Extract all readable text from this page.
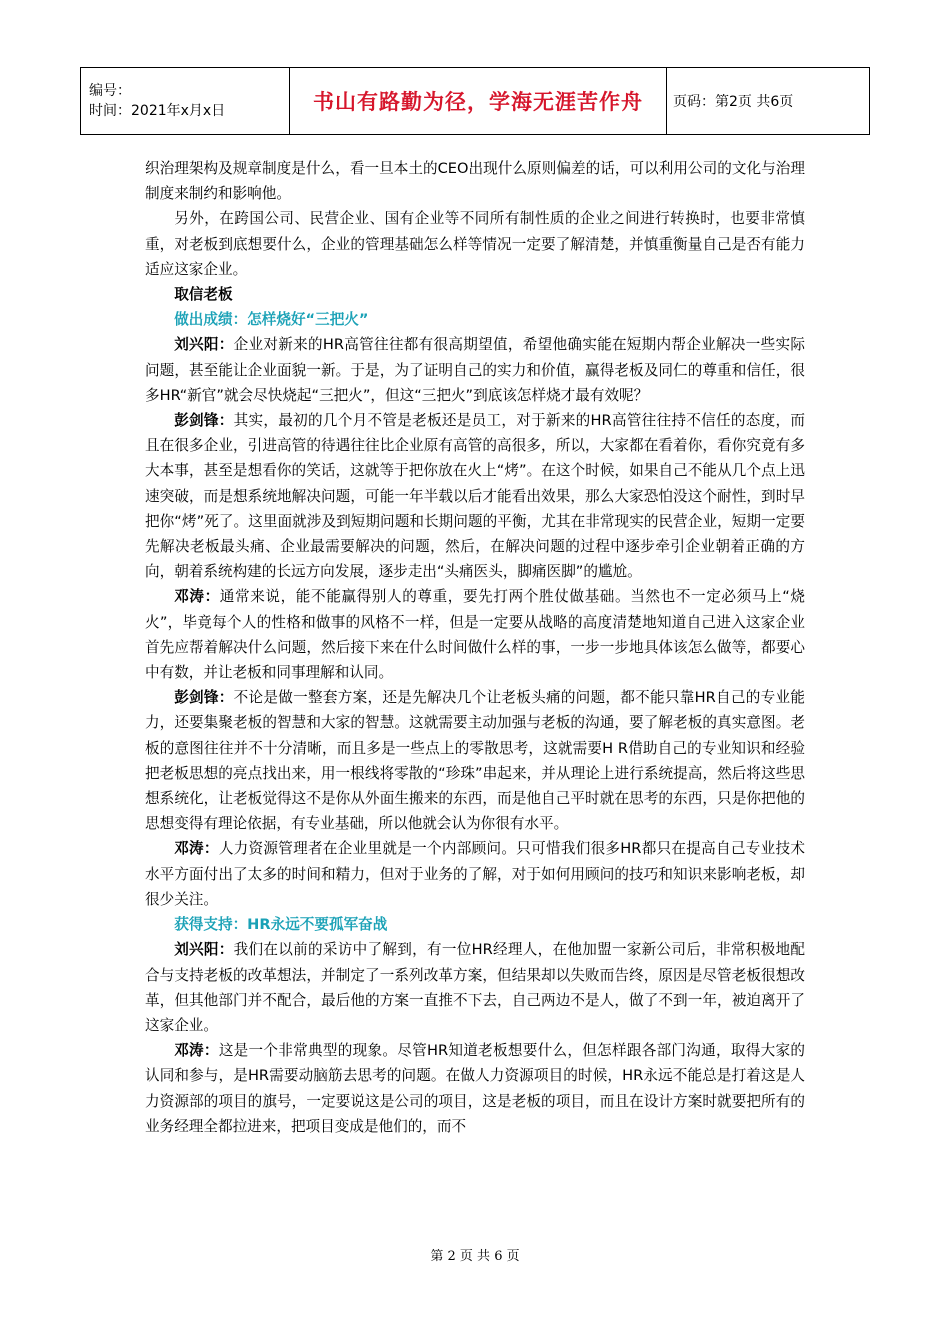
编号：
时间：2021年x月x日	书山有路勤为径，学海无涯苦作舟	页码：第2页 共6页

织治理架构及规章制度是什么，看一旦本土的CEO出现什么原则偏差的话，可以利用公司的文化与治理制度来制约和影响他。

另外，在跨国公司、民营企业、国有企业等不同所有制性质的企业之间进行转换时，也要非常慎重，对老板到底想要什么，企业的管理基础怎么样等情况一定要了解清楚，并慎重衡量自己是否有能力适应这家企业。

取信老板

做出成绩：怎样烧好“三把火”

刘兴阳：企业对新来的HR高管往往都有很高期望值，希望他确实能在短期内帮企业解决一些实际问题，甚至能让企业面貌一新。于是，为了证明自己的实力和价值，赢得老板及同仁的尊重和信任，很多HR“新官”就会尽快烧起“三把火”，但这“三把火”到底该怎样烧才最有效呢？

彭剑锋：其实，最初的几个月不管是老板还是员工，对于新来的HR高管往往持不信任的态度，而且在很多企业，引进高管的待遇往往比企业原有高管的高很多，所以，大家都在看着你，看你究竟有多大本事，甚至是想看你的笑话，这就等于把你放在火上“烤”。在这个时候，如果自己不能从几个点上迅速突破，而是想系统地解决问题，可能一年半载以后才能看出效果，那么大家恐怕没这个耐性，到时早把你“烤”死了。这里面就涉及到短期问题和长期问题的平衡，尤其在非常现实的民营企业，短期一定要先解决老板最头痛、企业最需要解决的问题，然后，在解决问题的过程中逐步牵引企业朝着正确的方向，朝着系统构建的长远方向发展，逐步走出“头痛医头，脚痛医脚”的尴尬。

邓涛：通常来说，能不能赢得别人的尊重，要先打两个胜仗做基础。当然也不一定必须马上“烧火”，毕竟每个人的性格和做事的风格不一样，但是一定要从战略的高度清楚地知道自己进入这家企业首先应帮着解决什么问题，然后接下来在什么时间做什么样的事，一步一步地具体该怎么做等，都要心中有数，并让老板和同事理解和认同。

彭剑锋：不论是做一整套方案，还是先解决几个让老板头痛的问题，都不能只靠HR自己的专业能力，还要集聚老板的智慧和大家的智慧。这就需要主动加强与老板的沟通，要了解老板的真实意图。老板的意图往往并不十分清晰，而且多是一些点上的零散思考，这就需要H R借助自己的专业知识和经验把老板思想的亮点找出来，用一根线将零散的“珍珠”串起来，并从理论上进行系统提高，然后将这些思想系统化，让老板觉得这不是你从外面生搬来的东西，而是他自己平时就在思考的东西，只是你把他的思想变得有理论依据，有专业基础，所以他就会认为你很有水平。

邓涛：人力资源管理者在企业里就是一个内部顾问。只可惜我们很多HR都只在提高自己专业技术水平方面付出了太多的时间和精力，但对于业务的了解，对于如何用顾问的技巧和知识来影响老板，却很少关注。

获得支持：HR永远不要孤军奋战

刘兴阳：我们在以前的采访中了解到，有一位HR经理人，在他加盟一家新公司后，非常积极地配合与支持老板的改革想法，并制定了一系列改革方案，但结果却以失败而告终，原因是尽管老板很想改革，但其他部门并不配合，最后他的方案一直推不下去，自己两边不是人，做了不到一年，被迫离开了这家企业。

邓涛：这是一个非常典型的现象。尽管HR知道老板想要什么，但怎样跟各部门沟通，取得大家的认同和参与，是HR需要动脑筋去思考的问题。在做人力资源项目的时候，HR永远不能总是打着这是人力资源部的项目的旗号，一定要说这是公司的项目，这是老板的项目，而且在设计方案时就要把所有的业务经理全都拉进来，把项目变成是他们的，而不

第 2 页 共 6 页
